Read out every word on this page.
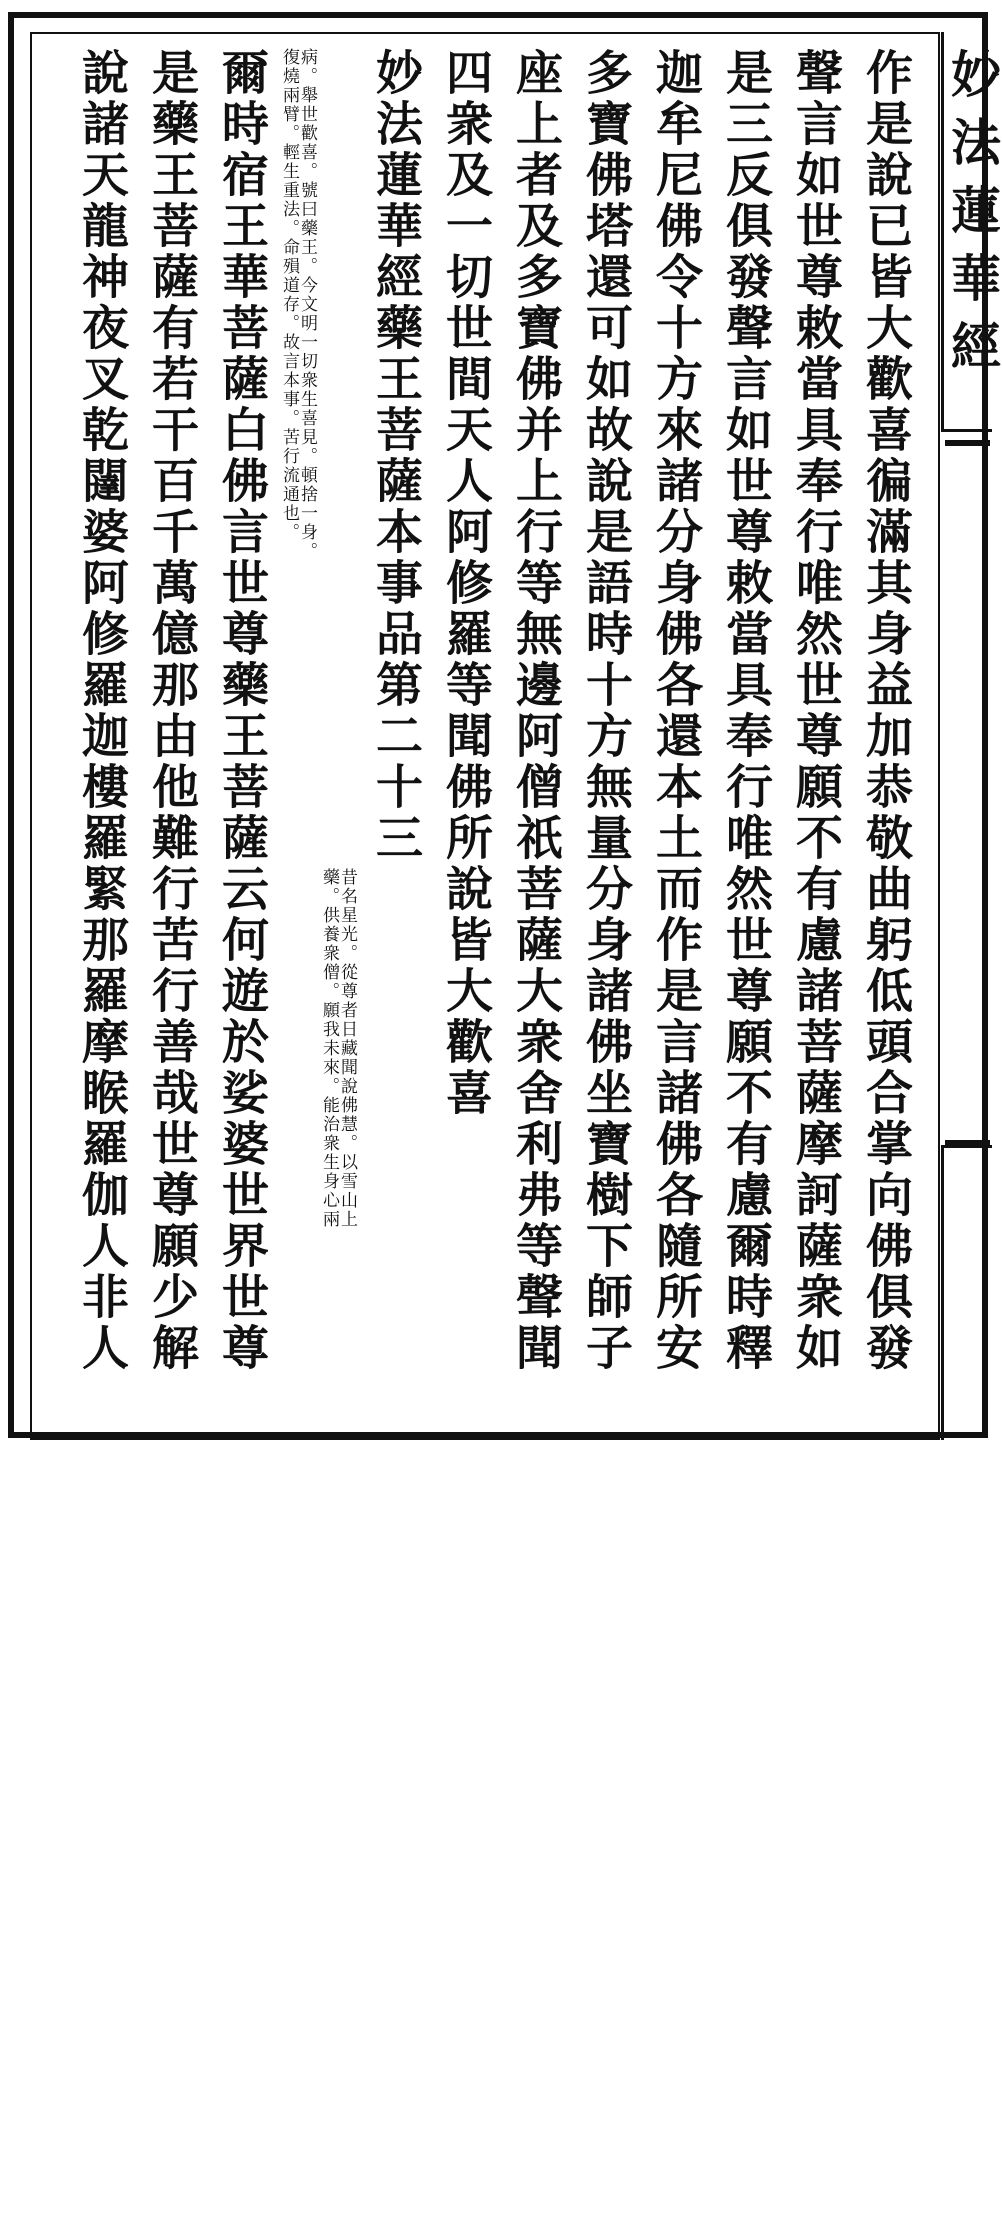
妙法蓮華經
作是說已皆大歡喜徧滿其身益加恭敬曲躬低頭合掌向佛俱發
聲言如世尊敕當具奉行唯然世尊願不有慮諸菩薩摩訶薩衆如
是三反俱發聲言如世尊敕當具奉行唯然世尊願不有慮爾時釋
迦牟尼佛令十方來諸分身佛各還本土而作是言諸佛各隨所安
多寶佛塔還可如故說是語時十方無量分身諸佛坐寶樹下師子
座上者及多寶佛并上行等無邊阿僧祇菩薩大衆舍利弗等聲聞
四衆及一切世間天人阿修羅等聞佛所說皆大歡喜
妙法蓮華經藥王菩薩本事品第二十三
昔名星光。從尊者日藏聞說佛慧。以雪山上
藥。供養衆僧。願我未來。能治衆生身心兩
病。舉世歡喜。號曰藥王。今文明一切衆生喜見。頓捨一身。
復燒兩臂。輕生重法。命殞道存。故言本事。苦行流通也。
爾時宿王華菩薩白佛言世尊藥王菩薩云何遊於娑婆世界世尊
是藥王菩薩有若干百千萬億那由他難行苦行善哉世尊願少解
說諸天龍神夜叉乾闥婆阿修羅迦樓羅緊那羅摩睺羅伽人非人
